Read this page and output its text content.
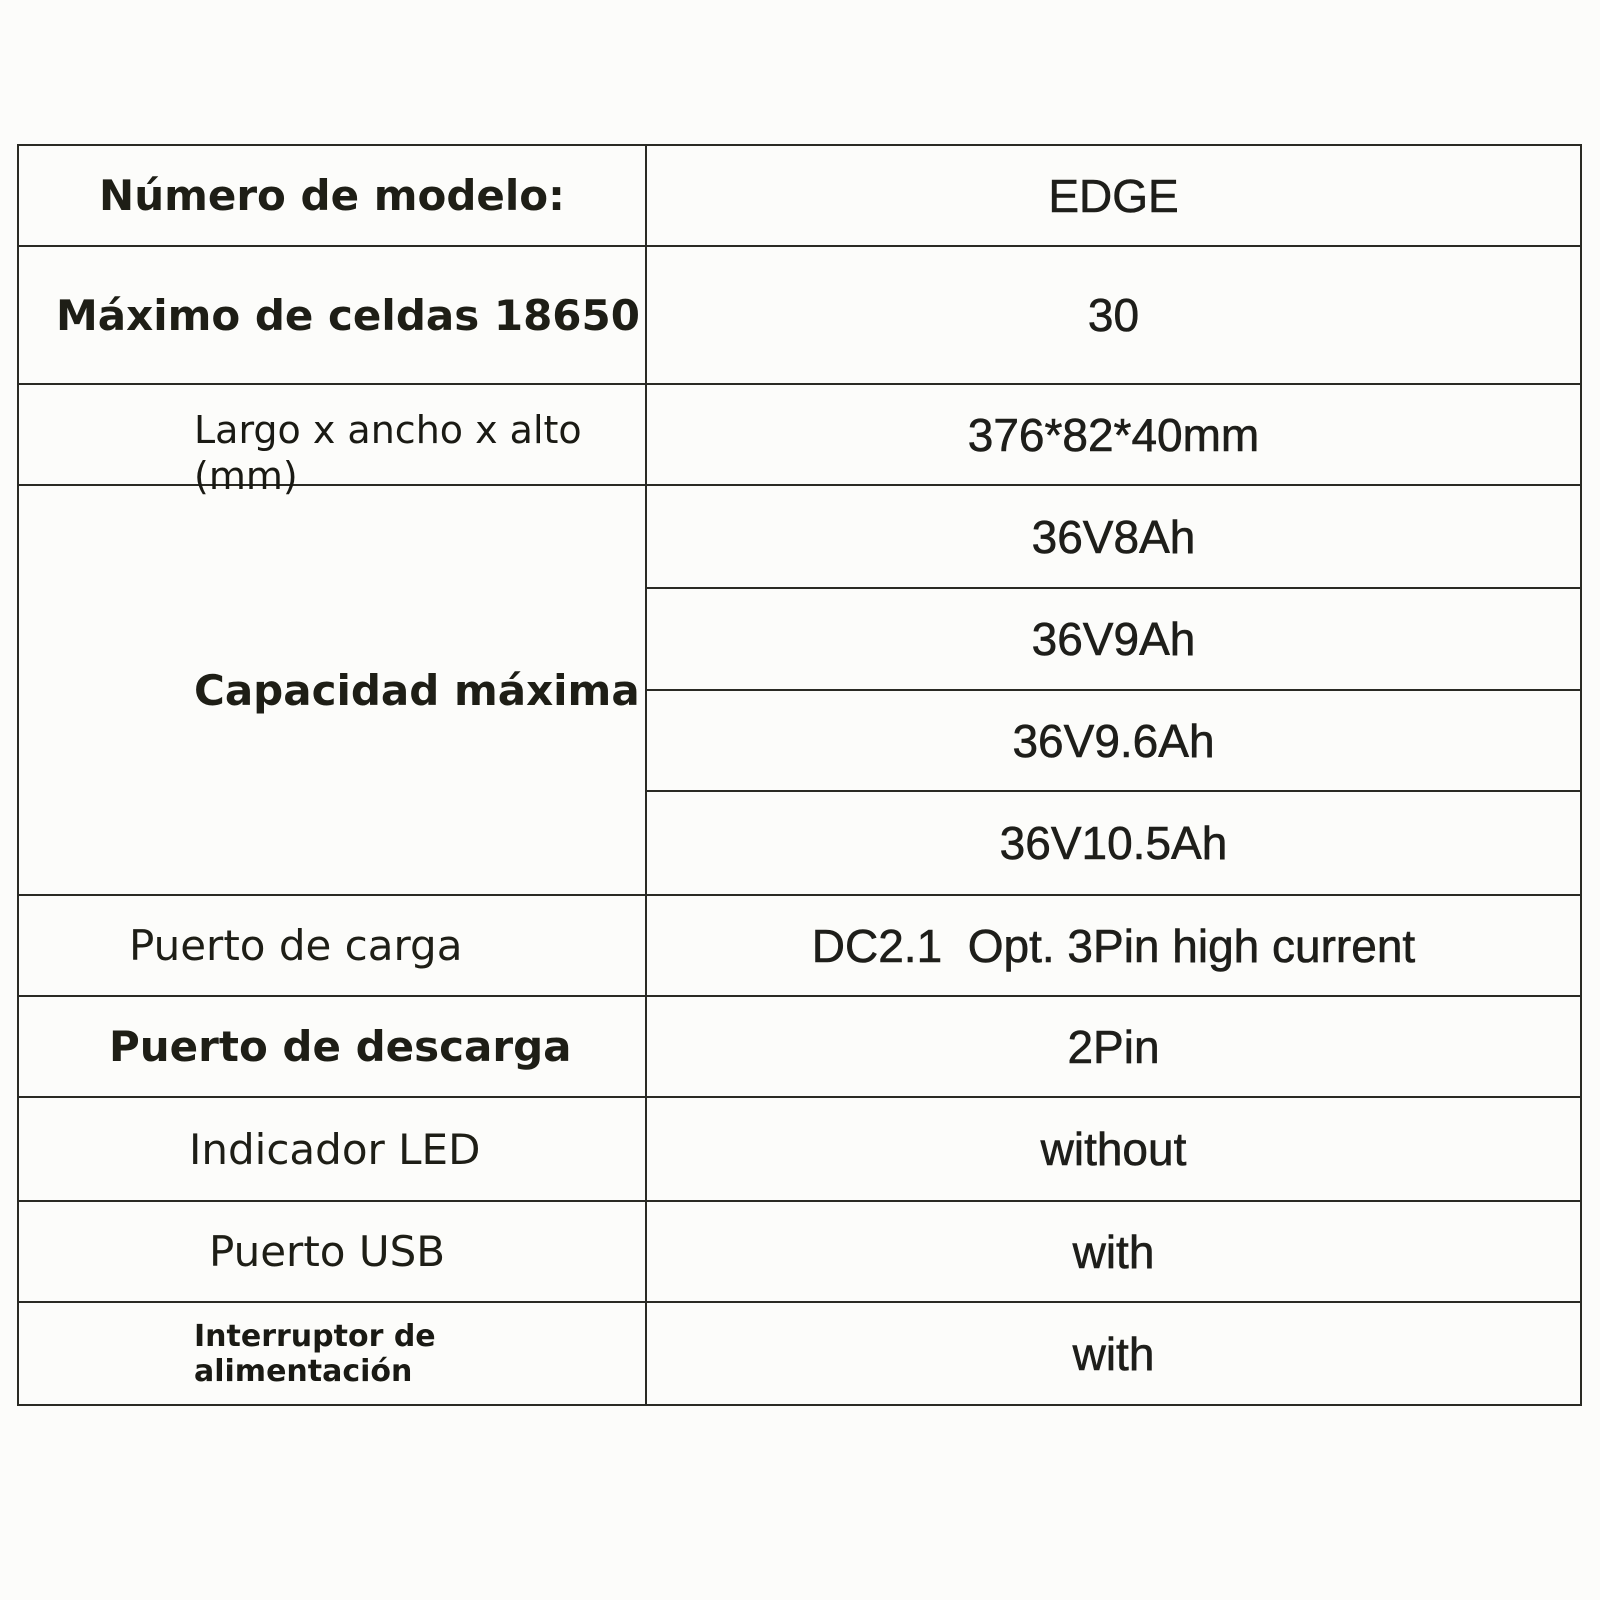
Número de modelo:	EDGE
Máximo de celdas 18650	30

Largo x ancho x alto
(mm)	376*82*40mm
Capacidad máxima	36V8Ah
	36V9Ah
	36V9.6Ah
	36V10.5Ah
Puerto de carga	DC2.1  Opt. 3Pin high current
Puerto de descarga	2Pin
Indicador LED	without
Puerto USB	with
Interruptor de alimentación	with
